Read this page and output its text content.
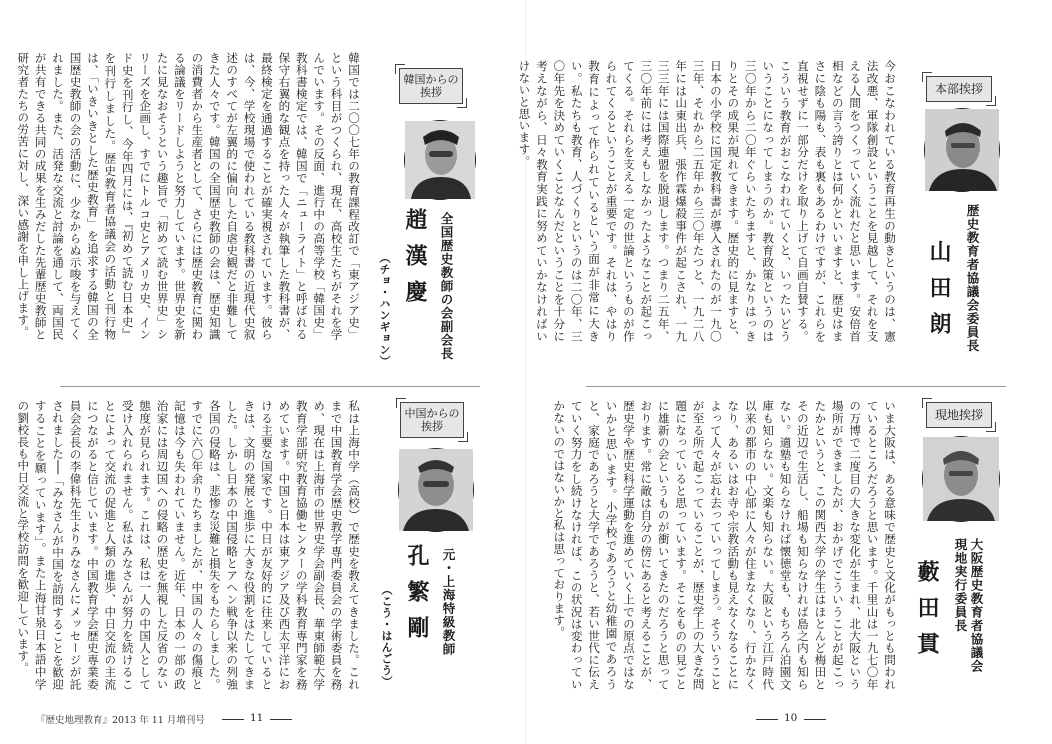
韓国では二〇〇七年の教育課程改訂で「東アジア史」という科目がつくられ、現在、高校生たちがそれを学んでいます。その反面、進行中の高等学校「韓国史」教科書検定では、韓国で「ニューライト」と呼ばれる保守右翼的な観点を持った人々が執筆した教科書が、最終検定を通過することが確実視されています。彼らは、今、学校現場で使われている教科書の近現代史叙述のすべてが左翼的に偏向した自虐史観だと非難してきた人々です。韓国の全国歴史教師の会は、歴史知識の消費者から生産者として、さらには歴史教育に関わる論議をリードしようと努力しています。世界史を新たに見なおそうという趣旨で「初めて読む世界史」シリーズを企画し、すでにトルコ史とアメリカ史、インド史を刊行し、今年四月には、『初めて読む日本史』を刊行しました。歴史教育者協議会の活動と刊行物は、「いきいきとした歴史教育」を追求する韓国の全国歴史教師の会の活動に、少なからぬ示唆を与えてくれました。また、活発な交流と討論を通して、両国民が共有できる共同の成果を生みだした先輩歴史教師と研究者たちの労苦に対し、深い感謝を申し上げます。	韓国からの
挨拶
全国歴史教師の会副会長
趙漢慶
（チョ・ハンギョン）
私は上海中学（高校）で歴史を教えてきました。これまで中国教育学会歴史教学専門委員会の学術委員を務め、現在は上海市の世界史学会副会長、華東師範大学教育学部研究教育協働センターの学科教育専門家を務めています。中国と日本は東アジア及び西太平洋における主要な国家です。中日が友好的に往来しているときは、文明の発展と進歩に大きな役割をはたしてきました。しかし日本の中国侵略とアヘン戦争以来の列強各国の侵略は、悲惨な災難と損失をもたらしました。すでに六〇年余りたちましたが、中国の人々の傷痕と記憶は今も失われていません。近年、日本の一部の政治家には周辺国への侵略の歴史を無視した反省のない態度が見られます。これは、私は一人の中国人として受け入れられません。私はみなさんが努力を続けることによって交流の促進と人類の進歩、中日交流の主流につながると信じています。中国教育学会歴史専業委員会会長の李偉科先生よりみなさんにメッセージが託されました──「みなさんが中国を訪問することを歓迎することを願っています」。また上海甘泉日本語中学の劉校長も中日交流と学校訪問を歓迎しています。	中国からの
挨拶
元・上海特級教師
孔繁剛
（こう・はんごう）
『歴史地理教育』2013 年 11 月増刊号	11
今おこなわれている教育再生の動きというのは、憲法改悪、軍隊創設ということを見越して、それを支える人間をつくっていく流れだと思います。安倍首相などの言う誇りとは何かといいますと、歴史はまさに陰も陽も、表も裏もあるわけですが、これらを直視せずに一部分だけを取り上げて自画自賛する。こういう教育がおこなわれていくと、いったいどういうことになってしまうのか。教育政策というのは三〇年から二〇年ぐらいたちますと、かなりはっきりとその成果が現れてきます。歴史的に見ますと、日本の小学校に国定教科書が導入されたのが一九〇三年、それから二五年から三〇年たつと、一九二八年には山東出兵、張作霖爆殺事件が起こされ、一九三三年には国際連盟を脱退します。つまり二五年、三〇年前には考えもしなかったようなことが起こってくる。それらを支える一定の世論というものが作られてくるということが重要です。それは、やはり教育によって作られているという面が非常に大きい。私たちも教育、人づくりというのは二〇年、三〇年先を決めていくことなんだということを十分に考えながら、日々教育実践に努めていかなければいけないと思います。	本部挨拶
歴史教育者協議会委員長
山田朗
いま大阪は、ある意味で歴史と文化がもっとも問われているところだろうと思います。千里山は一九七〇年の万博で二度目の大きな変化が生まれ、北大阪という場所ができましたが、おかげでこういうことが起こったかというと、この関西大学の学生はほとんど梅田とその近辺で生活し、船場も知らなければ島之内も知らない。適塾も知らなければ懐徳堂も、もちろん泊園文庫も知らない。文楽も知らない。大阪という江戸時代以来の都市の中心部に人々が住まなくなり、行かなくなり、あるいはお寺や宗教活動も見えなくなることによって人々が忘れ去っていってしまう。そういうことが至る所で起こっていることが、歴史学上の大きな問題になっていると思っています。そこをものの見ごとに雄新の会というものが衝いてきたのだろうと思っております。常に敵は自分の傍にあると考えることが、歴史学や歴史科学運動を進めていく上での原点ではないかと思います。小学校であろうと幼稚園であろうと、家庭であろうと大学であろうと、若い世代に伝えていく努力をし続けなければ、この状況は変わっていかないのではないかと私は思っております。	現地挨拶
大阪歴史教育者協議会
現地実行委員長
藪田貫
10
